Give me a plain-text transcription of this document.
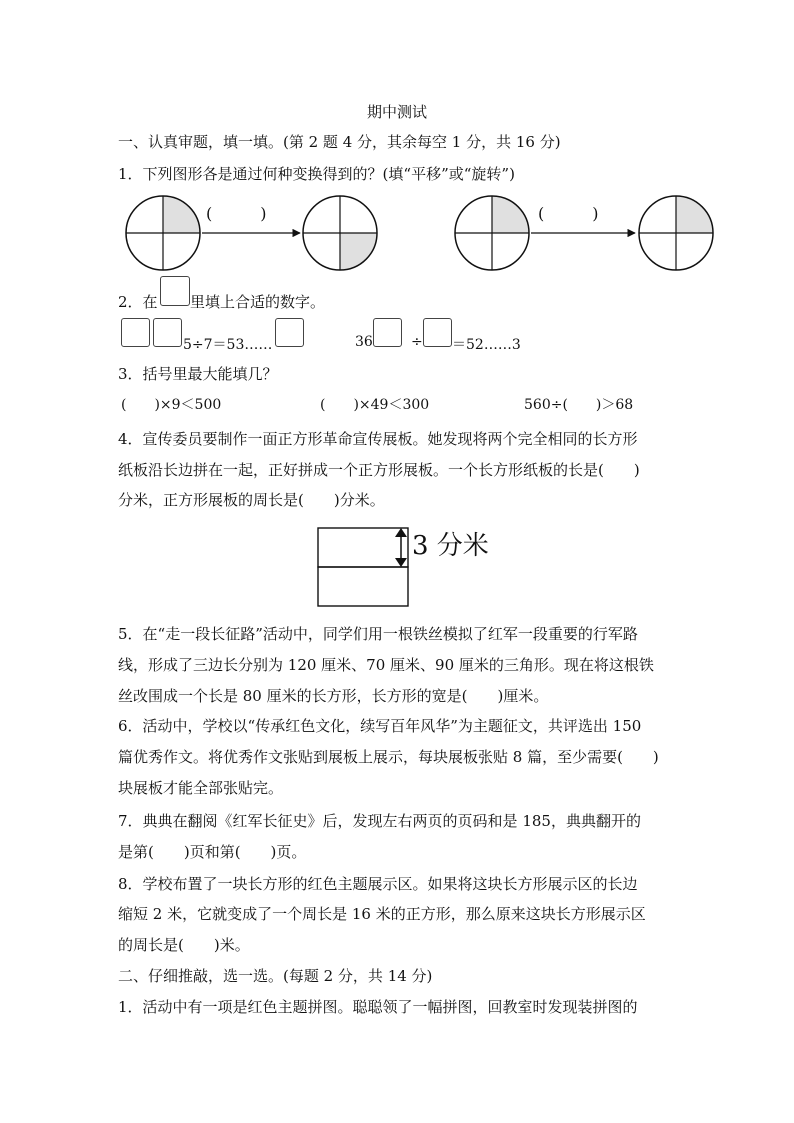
期中测试
一、认真审题，填一填。(第 2 题 4 分，其余每空 1 分，共 16 分)
1．下列图形各是通过何种变换得到的？(填“平移”或“旋转”)
(　　　)	(　　　)
2．在 里填上合适的数字。
5÷7＝53……	36	÷ ＝52……3
3．括号里最大能填几？
(　　)×9＜500	(　　)×49＜300	560÷(　　)＞68
4．宣传委员要制作一面正方形革命宣传展板。她发现将两个完全相同的长方形
纸板沿长边拼在一起，正好拼成一个正方形展板。一个长方形纸板的长是(　　)
分米，正方形展板的周长是(　　)分米。
3 分米
5．在“走一段长征路”活动中，同学们用一根铁丝模拟了红军一段重要的行军路
线，形成了三边长分别为 120 厘米、70 厘米、90 厘米的三角形。现在将这根铁
丝改围成一个长是 80 厘米的长方形，长方形的宽是(　　)厘米。
6．活动中，学校以“传承红色文化，续写百年风华”为主题征文，共评选出 150
篇优秀作文。将优秀作文张贴到展板上展示，每块展板张贴 8 篇，至少需要(　　)
块展板才能全部张贴完。
7．典典在翻阅《红军长征史》后，发现左右两页的页码和是 185，典典翻开的
是第(　　)页和第(　　)页。
8．学校布置了一块长方形的红色主题展示区。如果将这块长方形展示区的长边
缩短 2 米，它就变成了一个周长是 16 米的正方形，那么原来这块长方形展示区
的周长是(　　)米。
二、仔细推敲，选一选。(每题 2 分，共 14 分)
1．活动中有一项是红色主题拼图。聪聪领了一幅拼图，回教室时发现装拼图的
